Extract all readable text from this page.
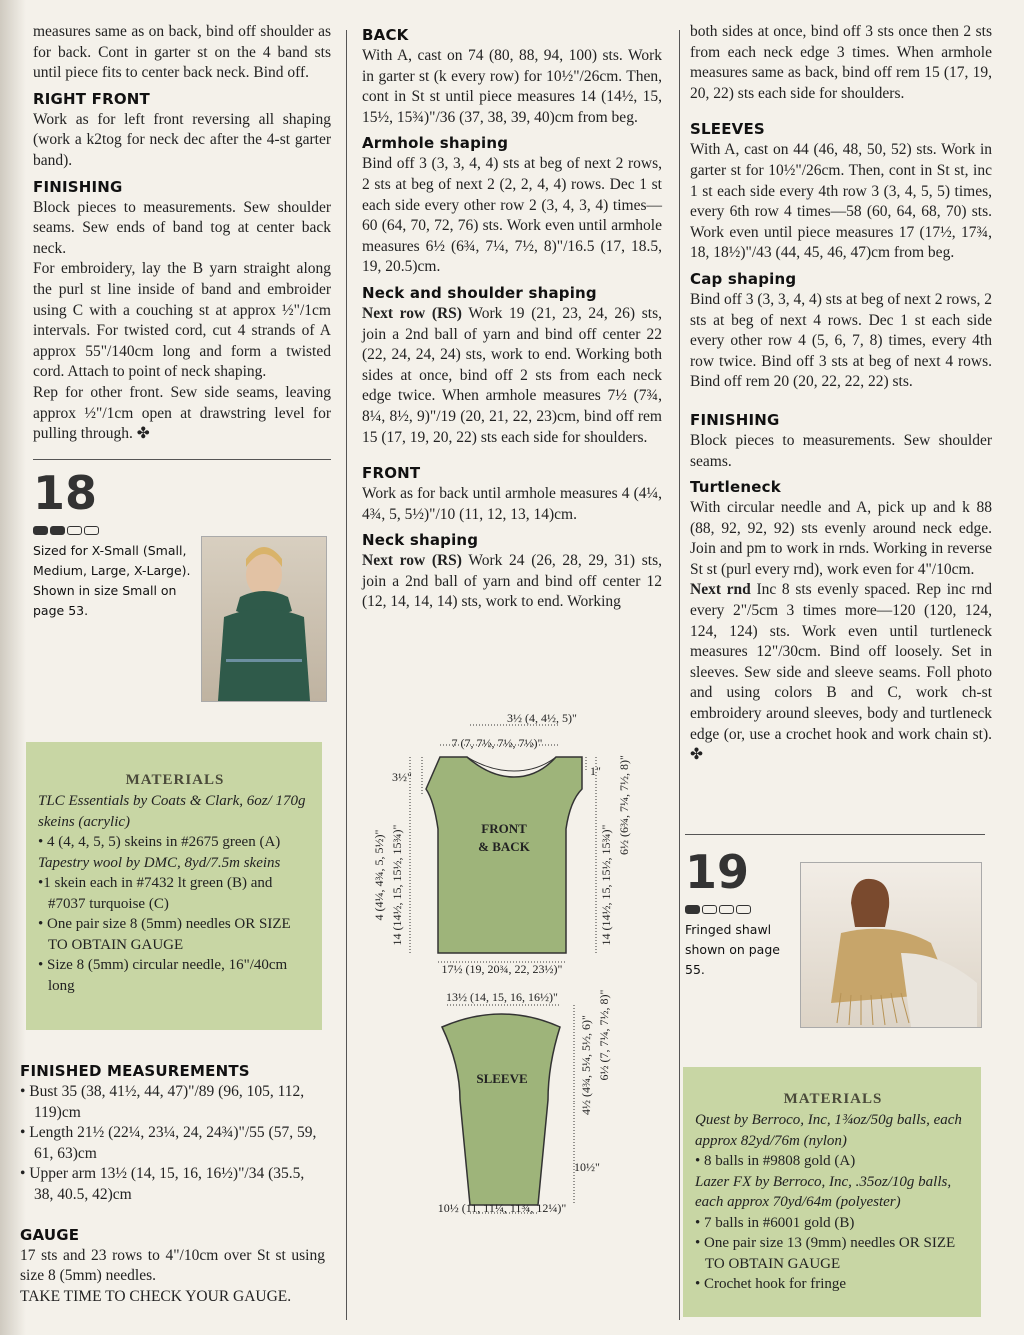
measures same as on back, bind off shoulder as for back. Cont in garter st on the 4 band sts until piece fits to center back neck. Bind off.

RIGHT FRONT

Work as for left front reversing all shaping (work a k2tog for neck dec after the 4-st garter band).

FINISHING

Block pieces to measurements. Sew shoulder seams. Sew ends of band tog at center back neck.

For embroidery, lay the B yarn straight along the purl st line inside of band and embroider using C with a couching st at approx ½"/1cm intervals. For twisted cord, cut 4 strands of A approx 55"/140cm long and form a twisted cord. Attach to point of neck shaping.

Rep for other front. Sew side seams, leaving approx ½"/1cm open at drawstring level for pulling through. ✤

18
Sized for X-Small (Small, Medium, Large, X-Large). Shown in size Small on page 53.
MATERIALS

TLC Essentials by Coats & Clark, 6oz/ 170g skeins (acrylic)

• 4 (4, 4, 5, 5) skeins in #2675 green (A)

Tapestry wool by DMC, 8yd/7.5m skeins

•1 skein each in #7432 lt green (B) and #7037 turquoise (C)

• One pair size 8 (5mm) needles OR SIZE TO OBTAIN GAUGE

• Size 8 (5mm) circular needle, 16"/40cm long

FINISHED MEASUREMENTS

• Bust 35 (38, 41½, 44, 47)"/89 (96, 105, 112, 119)cm

• Length 21½ (22¼, 23¼, 24, 24¾)"/55 (57, 59, 61, 63)cm

• Upper arm 13½ (14, 15, 16, 16½)"/34 (35.5, 38, 40.5, 42)cm

GAUGE

17 sts and 23 rows to 4"/10cm over St st using size 8 (5mm) needles.

TAKE TIME TO CHECK YOUR GAUGE.

BACK

With A, cast on 74 (80, 88, 94, 100) sts. Work in garter st (k every row) for 10½"/26cm. Then, cont in St st until piece measures 14 (14½, 15, 15½, 15¾)"/36 (37, 38, 39, 40)cm from beg.

Armhole shaping

Bind off 3 (3, 3, 4, 4) sts at beg of next 2 rows, 2 sts at beg of next 2 (2, 2, 4, 4) rows. Dec 1 st each side every other row 2 (3, 4, 3, 4) times—60 (64, 70, 72, 76) sts. Work even until armhole measures 6½ (6¾, 7¼, 7½, 8)"/16.5 (17, 18.5, 19, 20.5)cm.

Neck and shoulder shaping

Next row (RS) Work 19 (21, 23, 24, 26) sts, join a 2nd ball of yarn and bind off center 22 (22, 24, 24, 24) sts, work to end. Working both sides at once, bind off 2 sts from each neck edge twice. When armhole measures 7½ (7¾, 8¼, 8½, 9)"/19 (20, 21, 22, 23)cm, bind off rem 15 (17, 19, 20, 22) sts each side for shoulders.

FRONT

Work as for back until armhole measures 4 (4¼, 4¾, 5, 5½)"/10 (11, 12, 13, 14)cm.

Neck shaping

Next row (RS) Work 24 (26, 28, 29, 31) sts, join a 2nd ball of yarn and bind off center 12 (12, 14, 14, 14) sts, work to end. Working

FRONT
& BACK
3½ (4, 4½, 5)"
7 (7, 7½, 7½, 7½)"
3½"	1"
4 (4¼, 4¾, 5, 5½)" 14 (14½, 15, 15½, 15¾)"	14 (14½, 15, 15½, 15¾)"
6½ (6¾, 7¼, 7½, 8)"
17½ (19, 20¾, 22, 23½)"
SLEEVE
13½ (14, 15, 16, 16½)"
4½ (4¾, 5¼, 5½, 6)" 6½ (7, 7¼, 7½, 8)"
10½"
10½ (11, 11¼, 11¾, 12¼)"

both sides at once, bind off 3 sts once then 2 sts from each neck edge 3 times. When armhole measures same as back, bind off rem 15 (17, 19, 20, 22) sts each side for shoulders.

SLEEVES

With A, cast on 44 (46, 48, 50, 52) sts. Work in garter st for 10½"/26cm. Then, cont in St st, inc 1 st each side every 4th row 3 (3, 4, 5, 5) times, every 6th row 4 times—58 (60, 64, 68, 70) sts. Work even until piece measures 17 (17½, 17¾, 18, 18½)"/43 (44, 45, 46, 47)cm from beg.

Cap shaping

Bind off 3 (3, 3, 4, 4) sts at beg of next 2 rows, 2 sts at beg of next 4 rows. Dec 1 st each side every other row 4 (5, 6, 7, 8) times, every 4th row twice. Bind off 3 sts at beg of next 4 rows. Bind off rem 20 (20, 22, 22, 22) sts.

FINISHING

Block pieces to measurements. Sew shoulder seams.

Turtleneck

With circular needle and A, pick up and k 88 (88, 92, 92, 92) sts evenly around neck edge. Join and pm to work in rnds. Working in reverse St st (purl every rnd), work even for 4"/10cm.

Next rnd Inc 8 sts evenly spaced. Rep inc rnd every 2"/5cm 3 times more—120 (120, 124, 124, 124) sts. Work even until turtleneck measures 12"/30cm. Bind off loosely. Set in sleeves. Sew side and sleeve seams. Foll photo and using colors B and C, work ch-st embroidery around sleeves, body and turtleneck edge (or, use a crochet hook and work chain st). ✤

19
Fringed shawl shown on page 55.
MATERIALS

Quest by Berroco, Inc, 1¾oz/50g balls, each approx 82yd/76m (nylon)

• 8 balls in #9808 gold (A)

Lazer FX by Berroco, Inc, .35oz/10g balls, each approx 70yd/64m (polyester)

• 7 balls in #6001 gold (B)

• One pair size 13 (9mm) needles OR SIZE TO OBTAIN GAUGE

• Crochet hook for fringe
